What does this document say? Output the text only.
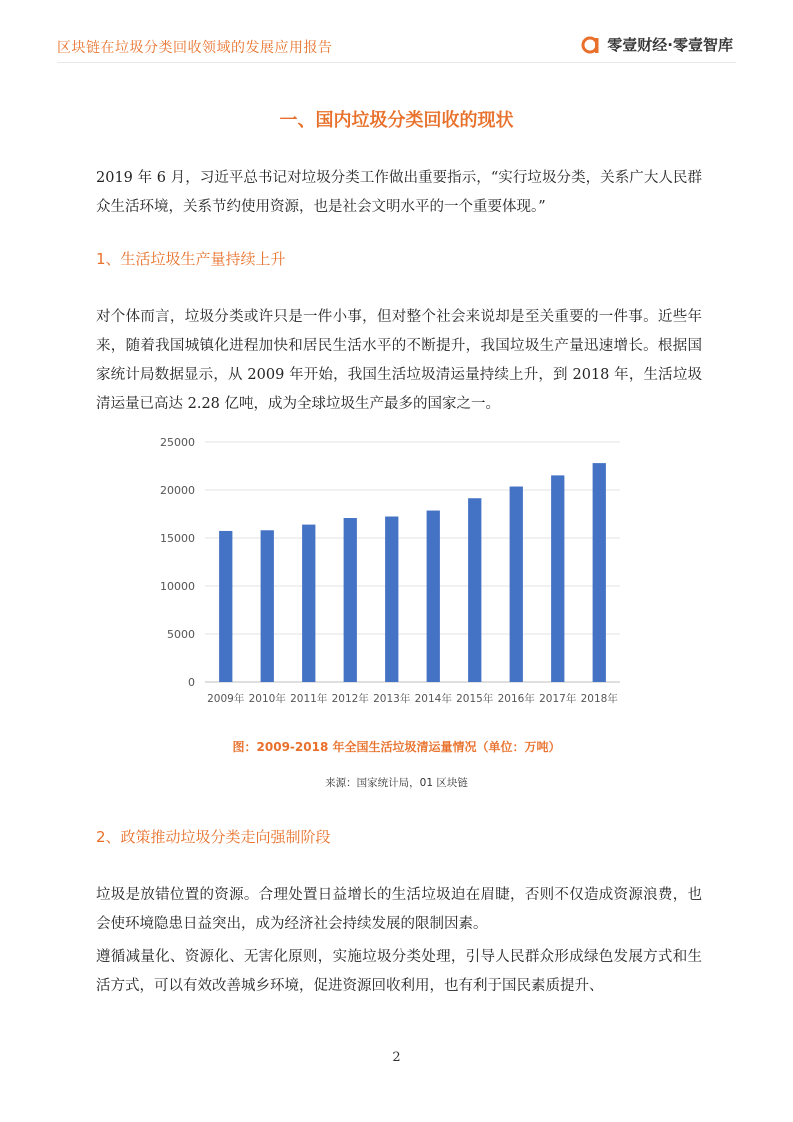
区块链在垃圾分类回收领域的发展应用报告	零壹财经·零壹智库
一、国内垃圾分类回收的现状
2019 年 6 月，习近平总书记对垃圾分类工作做出重要指示，“实行垃圾分类，关系广大人民群众生活环境，关系节约使用资源，也是社会文明水平的一个重要体现。”
1、生活垃圾生产量持续上升
对个体而言，垃圾分类或许只是一件小事，但对整个社会来说却是至关重要的一件事。近些年来，随着我国城镇化进程加快和居民生活水平的不断提升，我国垃圾生产量迅速增长。根据国家统计局数据显示，从 2009 年开始，我国生活垃圾清运量持续上升，到 2018 年，生活垃圾清运量已高达 2.28 亿吨，成为全球垃圾生产最多的国家之一。
0
5000
10000
15000
20000
25000
2009年 2010年 2011年 2012年 2013年 2014年 2015年 2016年 2017年 2018年
图：2009-2018 年全国生活垃圾清运量情况（单位：万吨）
来源：国家统计局，01 区块链
2、政策推动垃圾分类走向强制阶段
垃圾是放错位置的资源。合理处置日益增长的生活垃圾迫在眉睫，否则不仅造成资源浪费，也会使环境隐患日益突出，成为经济社会持续发展的限制因素。
遵循减量化、资源化、无害化原则，实施垃圾分类处理，引导人民群众形成绿色发展方式和生活方式，可以有效改善城乡环境，促进资源回收利用，也有利于国民素质提升、
2
